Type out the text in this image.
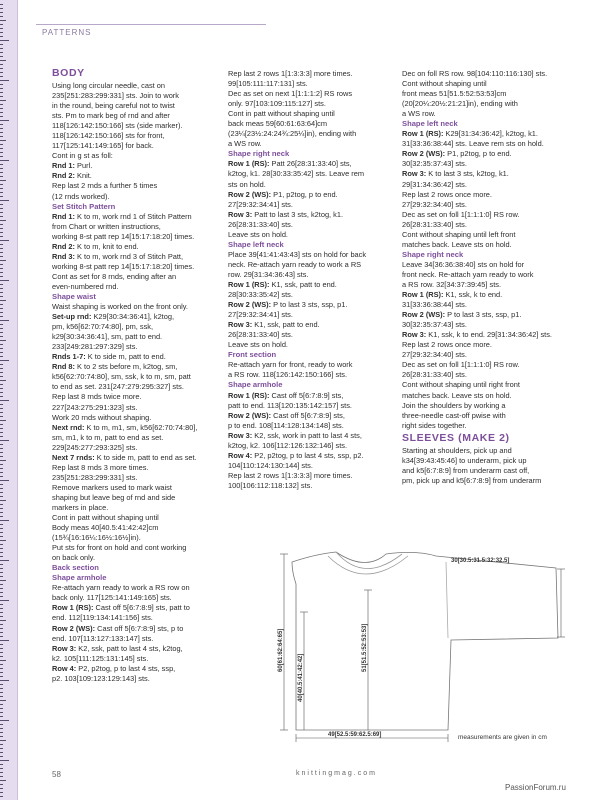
PATTERNS

BODY

Using long circular needle, cast on

235[251:283:299:331] sts. Join to work

in the round, being careful not to twist

sts. Pm to mark beg of rnd and after

118[126:142:150:166] sts (side marker).

118[126:142:150:166] sts for front,

117[125:141:149:165] for back.

Cont in g st as foll:

Rnd 1: Purl.

Rnd 2: Knit.

Rep last 2 rnds a further 5 times

(12 rnds worked).

Set Stitch Pattern

Rnd 1: K to m, work rnd 1 of Stitch Pattern

from Chart or written instructions,

working 8-st patt rep 14[15:17:18:20] times.

Rnd 2: K to m, knit to end.

Rnd 3: K to m, work rnd 3 of Stitch Patt,

working 8-st patt rep 14[15:17:18:20] times.

Cont as set for 8 rnds, ending after an

even-numbered rnd.

Shape waist

Waist shaping is worked on the front only.

Set-up rnd: K29[30:34:36:41], k2tog,

pm, k56[62:70:74:80], pm, ssk,

k29[30:34:36:41], sm, patt to end.

233[249:281:297:329] sts.

Rnds 1-7: K to side m, patt to end.

Rnd 8: K to 2 sts before m, k2tog, sm,

k56[62:70:74:80], sm, ssk, k to m, sm, patt

to end as set. 231[247:279:295:327] sts.

Rep last 8 rnds twice more.

227[243:275:291:323] sts.

Work 20 rnds without shaping.

Next rnd: K to m, m1, sm, k56[62:70:74:80],

sm, m1, k to m, patt to end as set.

229[245:277:293:325] sts.

Next 7 rnds: K to side m, patt to end as set.

Rep last 8 rnds 3 more times.

235[251:283:299:331] sts.

Remove markers used to mark waist

shaping but leave beg of rnd and side

markers in place.

Cont in patt without shaping until

Body meas 40[40.5:41:42:42]cm

(15¾[16:16¼:16½:16½]in).

Put sts for front on hold and cont working

on back only.

Back section

Shape armhole

Re-attach yarn ready to work a RS row on

back only. 117[125:141:149:165] sts.

Row 1 (RS): Cast off 5[6:7:8:9] sts, patt to

end. 112[119:134:141:156] sts.

Row 2 (WS): Cast off 5[6:7:8:9] sts, p to

end. 107[113:127:133:147] sts.

Row 3: K2, ssk, patt to last 4 sts, k2tog,

k2. 105[111:125:131:145] sts.

Row 4: P2, p2tog, p to last 4 sts, ssp,

p2. 103[109:123:129:143] sts.

Rep last 2 rows 1[1:3:3:3] more times.

99[105:111:117:131] sts.

Dec as set on next 1[1:1:1:2] RS rows

only. 97[103:109:115:127] sts.

Cont in patt without shaping until

back meas 59[60:61:63:64]cm

(23¼[23½:24:24¾:25¼]in), ending with

a WS row.

Shape right neck

Row 1 (RS): Patt 26[28:31:33:40] sts,

k2tog, k1. 28[30:33:35:42] sts. Leave rem

sts on hold.

Row 2 (WS): P1, p2tog, p to end.

27[29:32:34:41] sts.

Row 3: Patt to last 3 sts, k2tog, k1.

26[28:31:33:40] sts.

Leave sts on hold.

Shape left neck

Place 39[41:41:43:43] sts on hold for back

neck. Re-attach yarn ready to work a RS

row. 29[31:34:36:43] sts.

Row 1 (RS): K1, ssk, patt to end.

28[30:33:35:42] sts.

Row 2 (WS): P to last 3 sts, ssp, p1.

27[29:32:34:41] sts.

Row 3: K1, ssk, patt to end.

26[28:31:33:40] sts.

Leave sts on hold.

Front section

Re-attach yarn for front, ready to work

a RS row. 118[126:142:150:166] sts.

Shape armhole

Row 1 (RS): Cast off 5[6:7:8:9] sts,

patt to end. 113[120:135:142:157] sts.

Row 2 (WS): Cast off 5[6:7:8:9] sts,

p to end. 108[114:128:134:148] sts.

Row 3: K2, ssk, work in patt to last 4 sts,

k2tog, k2. 106[112:126:132:146] sts.

Row 4: P2, p2tog, p to last 4 sts, ssp, p2.

104[110:124:130:144] sts.

Rep last 2 rows 1[1:3:3:3] more times.

100[106:112:118:132] sts.

Dec on foll RS row. 98[104:110:116:130] sts.

Cont without shaping until

front meas 51[51.5:52:53:53]cm

(20[20¼:20½:21:21]in), ending with

a WS row.

Shape left neck

Row 1 (RS): K29[31:34:36:42], k2tog, k1.

31[33:36:38:44] sts. Leave rem sts on hold.

Row 2 (WS): P1, p2tog, p to end.

30[32:35:37:43] sts.

Row 3: K to last 3 sts, k2tog, k1.

29[31:34:36:42] sts.

Rep last 2 rows once more.

27[29:32:34:40] sts.

Dec as set on foll 1[1:1:1:0] RS row.

26[28:31:33:40] sts.

Cont without shaping until left front

matches back. Leave sts on hold.

Shape right neck

Leave 34[36:36:38:40] sts on hold for

front neck. Re-attach yarn ready to work

a RS row. 32[34:37:39:45] sts.

Row 1 (RS): K1, ssk, k to end.

31[33:36:38:44] sts.

Row 2 (WS): P to last 3 sts, ssp, p1.

30[32:35:37:43] sts.

Row 3: K1, ssk, k to end. 29[31:34:36:42] sts.

Rep last 2 rows once more.

27[29:32:34:40] sts.

Dec as set on foll 1[1:1:1:0] RS row.

26[28:31:33:40] sts.

Cont without shaping until right front

matches back. Leave sts on hold.

Join the shoulders by working a

three-needle cast-off pwise with

right sides together.

SLEEVES (MAKE 2)

Starting at shoulders, pick up and

k34[39:43:45:46] to underarm, pick up

and k5[6:7:8:9] from underarm cast off,

pm, pick up and k5[6:7:8:9] from underarm

30[30.5:31.5:32:32.5]
60[61:62:64:65]
40[40.5:41:42:42]
51[51.5:52:53:53]
49[52.5:59:62.5:69]	measurements are given in cm
58	knittingmag.com
PassionForum.ru
